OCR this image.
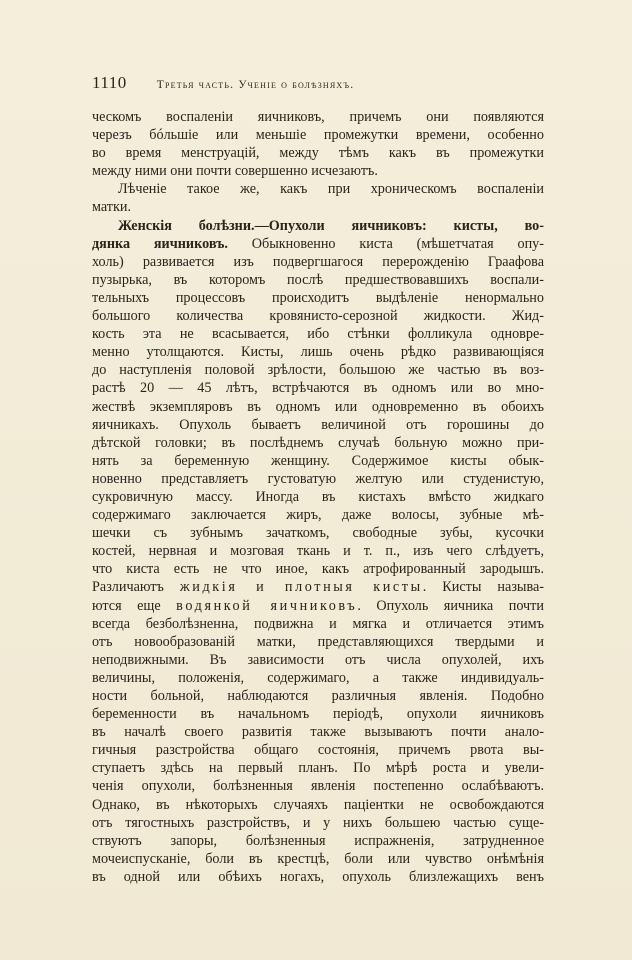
1110	Третья часть. Ученіе о болѣзняхъ.
ческомъ воспаленіи яичниковъ, причемъ они появляются
черезъ бóльшіе или меньшіе промежутки времени, особенно
во время менструацій, между тѣмъ какъ въ промежутки
между ними они почти совершенно исчезаютъ.
Лѣченіе такое же, какъ при хроническомъ воспаленіи
матки.
Женскія болѣзни.—Опухоли яичниковъ: кисты, во-
дянка яичниковъ. Обыкновенно киста (мѣшетчатая опу-
холь) развивается изъ подвергшагося перерожденію Граафова
пузырька, въ которомъ послѣ предшествовавшихъ воспали-
тельныхъ процессовъ происходитъ выдѣленіе ненормально
большого количества кровянисто-серозной жидкости. Жид-
кость эта не всасывается, ибо стѣнки фолликула одновре-
менно утолщаются. Кисты, лишь очень рѣдко развивающіяся
до наступленія половой зрѣлости, большою же частью въ воз-
растѣ 20 — 45 лѣтъ, встрѣчаются въ одномъ или во мно-
жествѣ экземпляровъ въ одномъ или одновременно въ обоихъ
яичникахъ. Опухоль бываетъ величиной отъ горошины до
дѣтской головки; въ послѣднемъ случаѣ больную можно при-
нять за беременную женщину. Содержимое кисты обык-
новенно представляетъ густоватую желтую или студенистую,
сукровичную массу. Иногда въ кистахъ вмѣсто жидкаго
содержимаго заключается жиръ, даже волосы, зубные мѣ-
шечки съ зубнымъ зачаткомъ, свободные зубы, кусочки
костей, нервная и мозговая ткань и т. п., изъ чего слѣдуетъ,
что киста есть не что иное, какъ атрофированный зародышъ.
Различаютъ жидкія и плотныя кисты. Кисты называ-
ются еще водянкой яичниковъ. Опухоль яичника почти
всегда безболѣзненна, подвижна и мягка и отличается этимъ
отъ новообразованій матки, представляющихся твердыми и
неподвижными. Въ зависимости отъ числа опухолей, ихъ
величины, положенія, содержимаго, а также индивидуаль-
ности больной, наблюдаются различныя явленія. Подобно
беременности въ начальномъ періодѣ, опухоли яичниковъ
въ началѣ своего развитія также вызываютъ почти анало-
гичныя разстройства общаго состоянія, причемъ рвота вы-
ступаетъ здѣсь на первый планъ. По мѣрѣ роста и увели-
ченія опухоли, болѣзненныя явленія постепенно ослабѣваютъ.
Однако, въ нѣкоторыхъ случаяхъ паціентки не освобождаются
отъ тягостныхъ разстройствъ, и у нихъ большею частью суще-
ствуютъ запоры, болѣзненныя испражненія, затрудненное
мочеиспусканіе, боли въ крестцѣ, боли или чувство онѣмѣнія
въ одной или обѣихъ ногахъ, опухоль близлежащихъ венъ
